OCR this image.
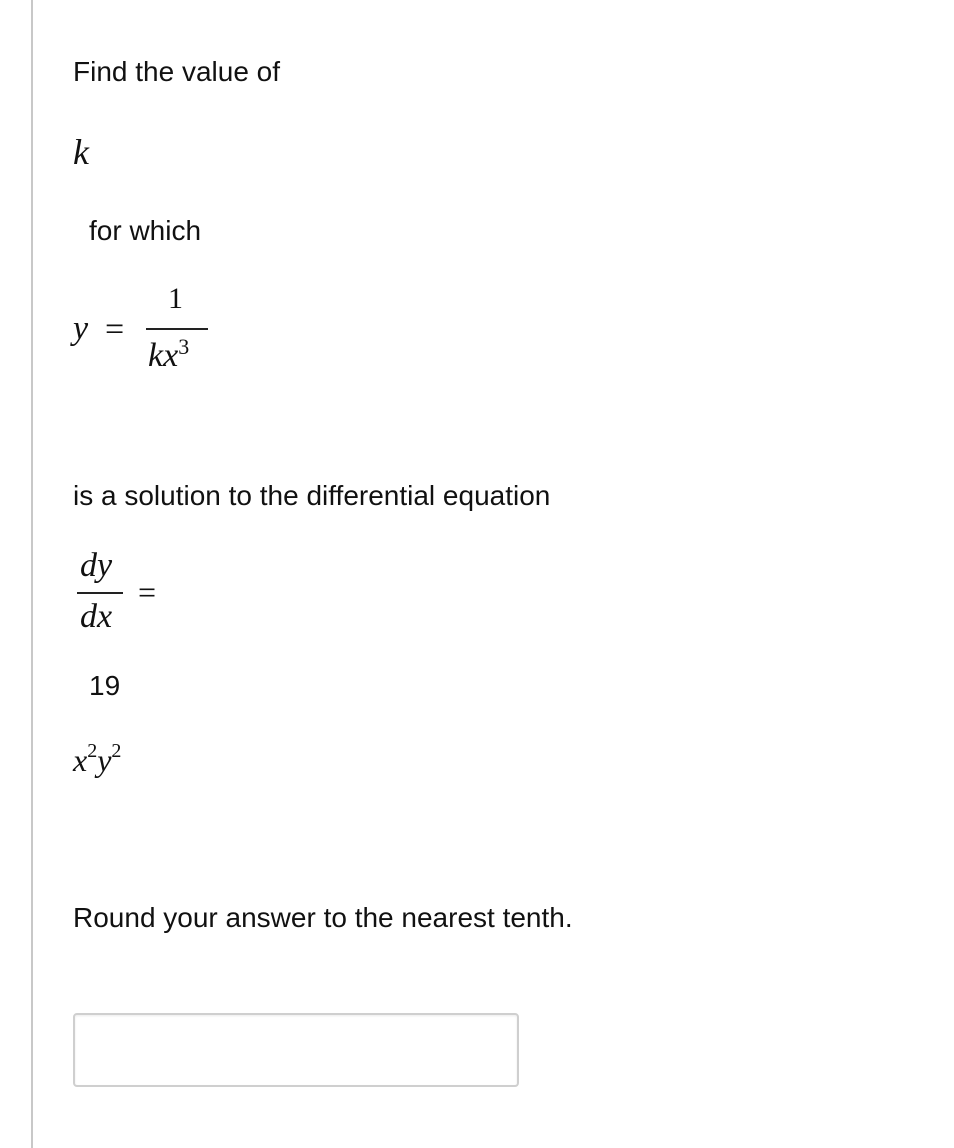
Find the value of
k
for which
y =
1
$kx^3$
is a solution to the differential equation
dy
dx
=
19
$x^2y^2$
Round your answer to the nearest tenth.
